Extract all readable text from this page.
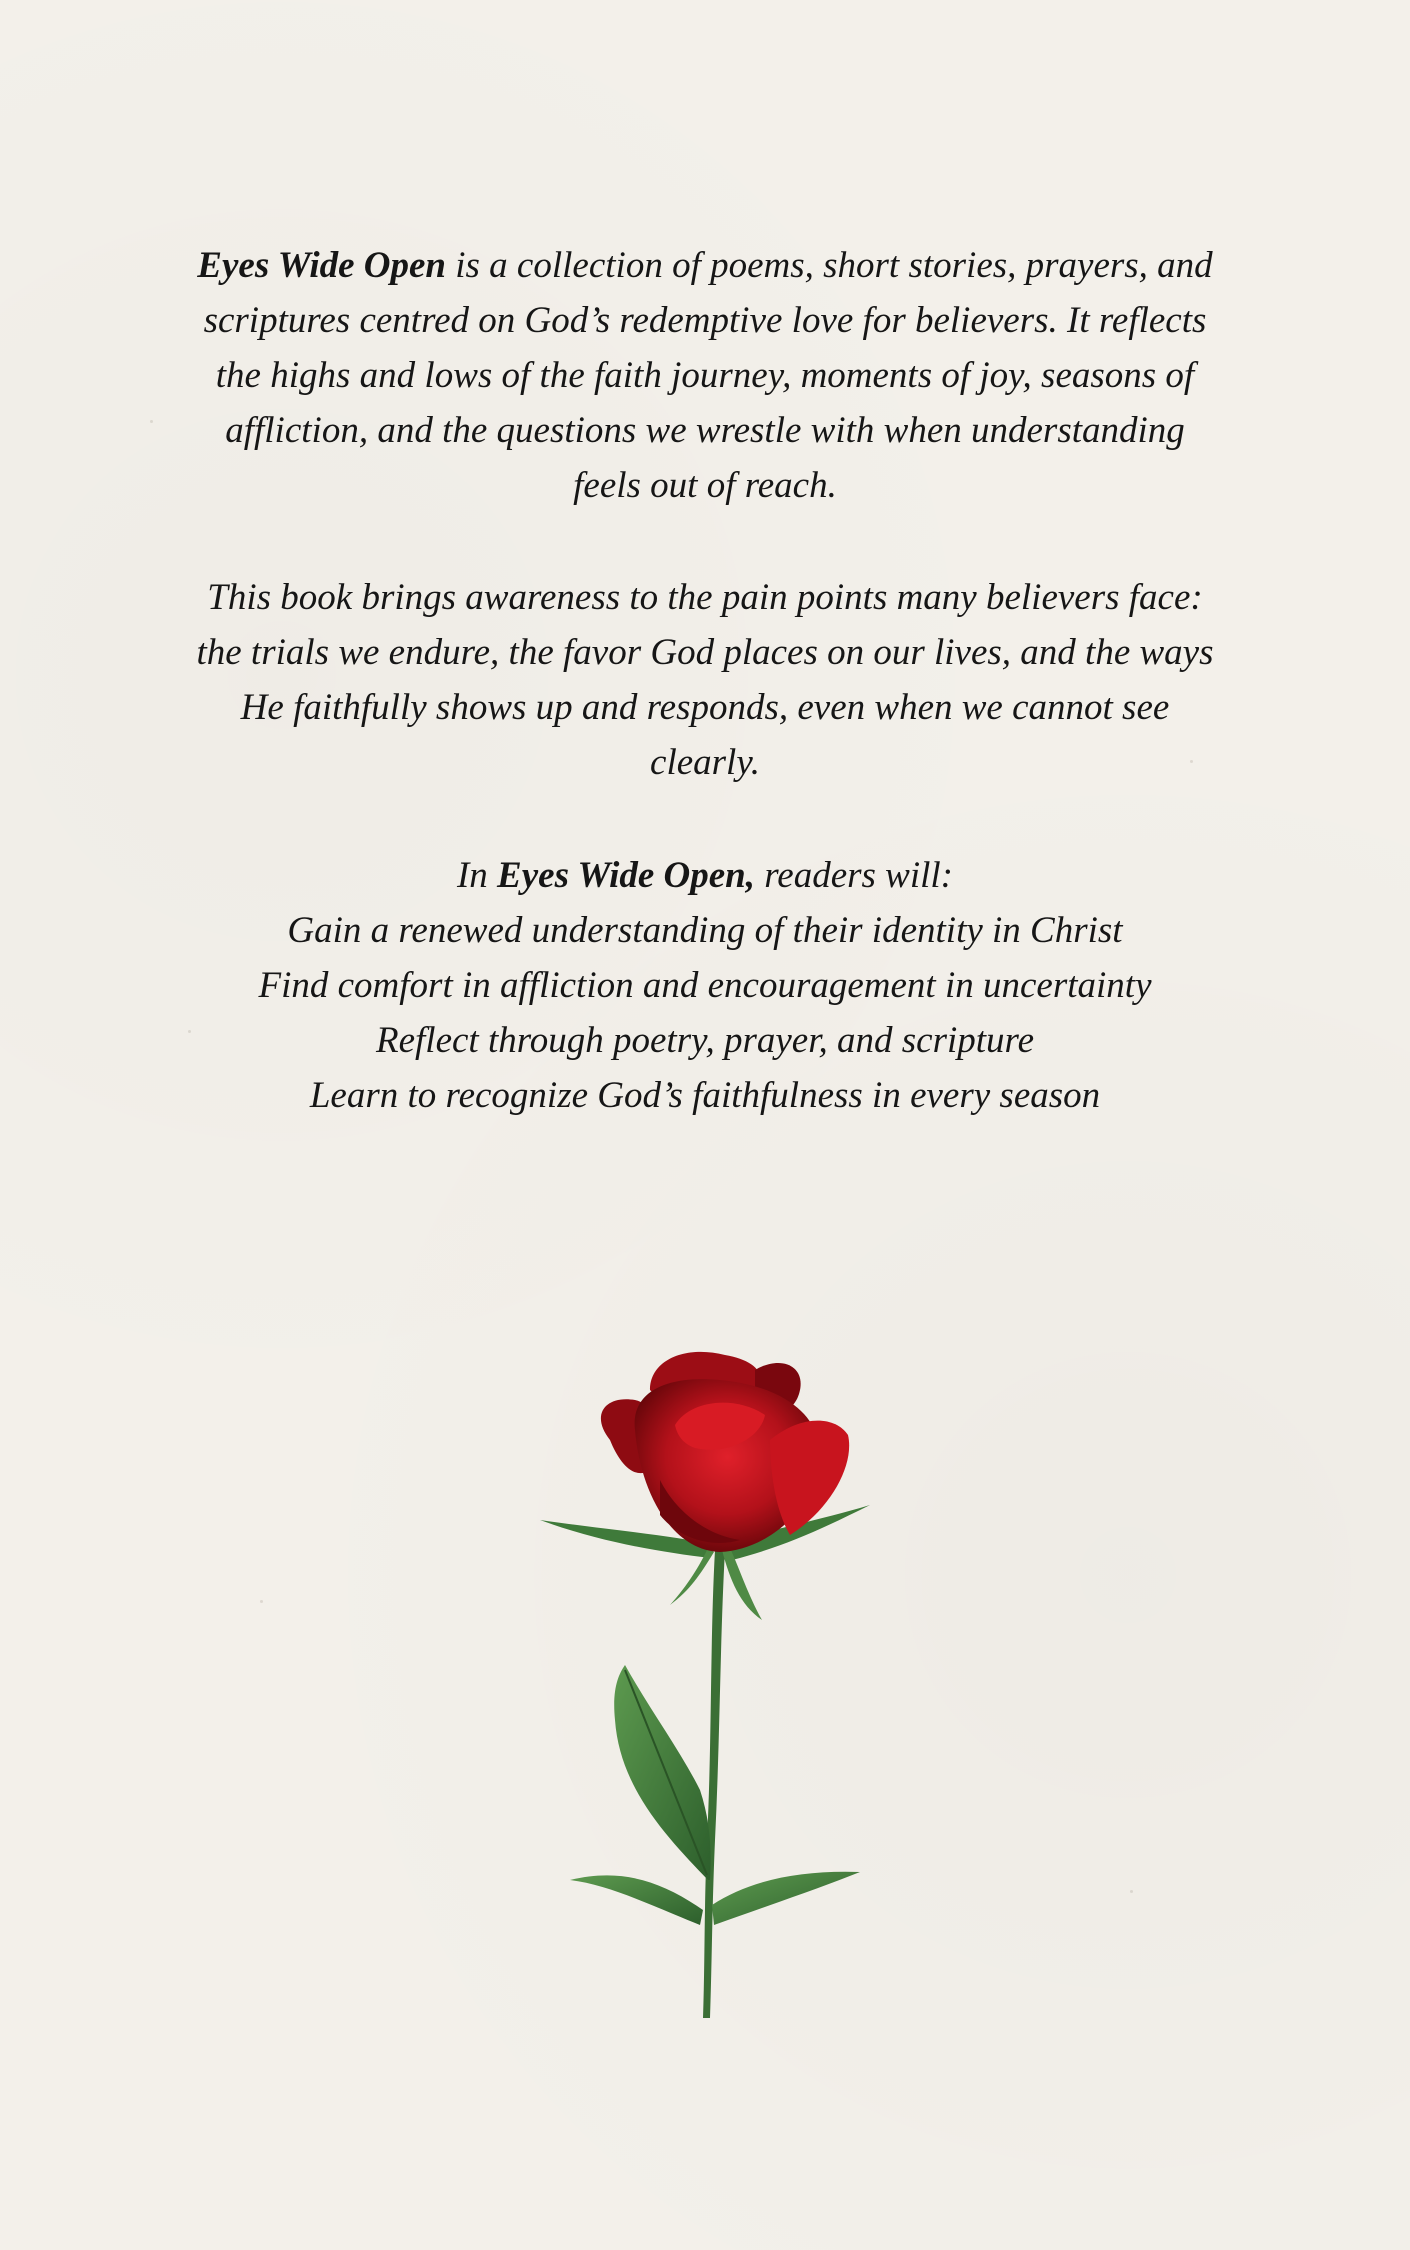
Eyes Wide Open is a collection of poems, short stories, prayers, and
scriptures centred on God’s redemptive love for believers. It reflects
the highs and lows of the faith journey, moments of joy, seasons of
affliction, and the questions we wrestle with when understanding
feels out of reach.
This book brings awareness to the pain points many believers face:
the trials we endure, the favor God places on our lives, and the ways
He faithfully shows up and responds, even when we cannot see
clearly.
In Eyes Wide Open, readers will:
Gain a renewed understanding of their identity in Christ
Find comfort in affliction and encouragement in uncertainty
Reflect through poetry, prayer, and scripture
Learn to recognize God’s faithfulness in every season
